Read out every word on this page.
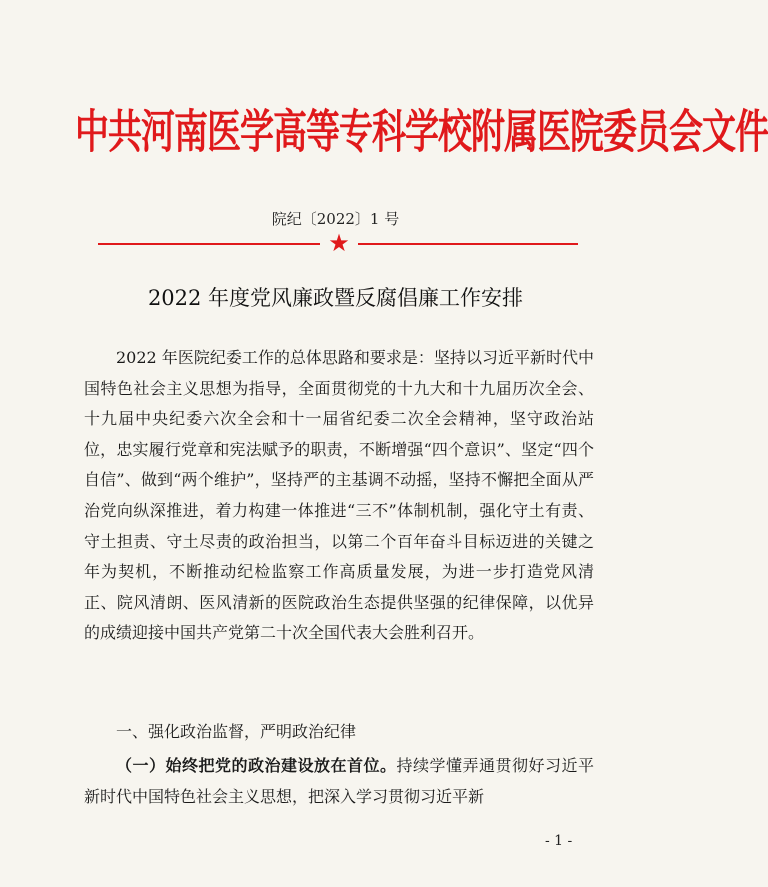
中共河南医学高等专科学校附属医院委员会文件
院纪〔2022〕1 号
★
2022 年度党风廉政暨反腐倡廉工作安排

2022 年医院纪委工作的总体思路和要求是：坚持以习近平新时代中国特色社会主义思想为指导，全面贯彻党的十九大和十九届历次全会、十九届中央纪委六次全会和十一届省纪委二次全会精神，坚守政治站位，忠实履行党章和宪法赋予的职责，不断增强“四个意识”、坚定“四个自信”、做到“两个维护”，坚持严的主基调不动摇，坚持不懈把全面从严治党向纵深推进，着力构建一体推进“三不”体制机制，强化守土有责、守土担责、守土尽责的政治担当，以第二个百年奋斗目标迈进的关键之年为契机，不断推动纪检监察工作高质量发展，为进一步打造党风清正、院风清朗、医风清新的医院政治生态提供坚强的纪律保障，以优异的成绩迎接中国共产党第二十次全国代表大会胜利召开。

一、强化政治监督，严明政治纪律

（一）始终把党的政治建设放在首位。持续学懂弄通贯彻好习近平新时代中国特色社会主义思想，把深入学习贯彻习近平新

- 1 -
